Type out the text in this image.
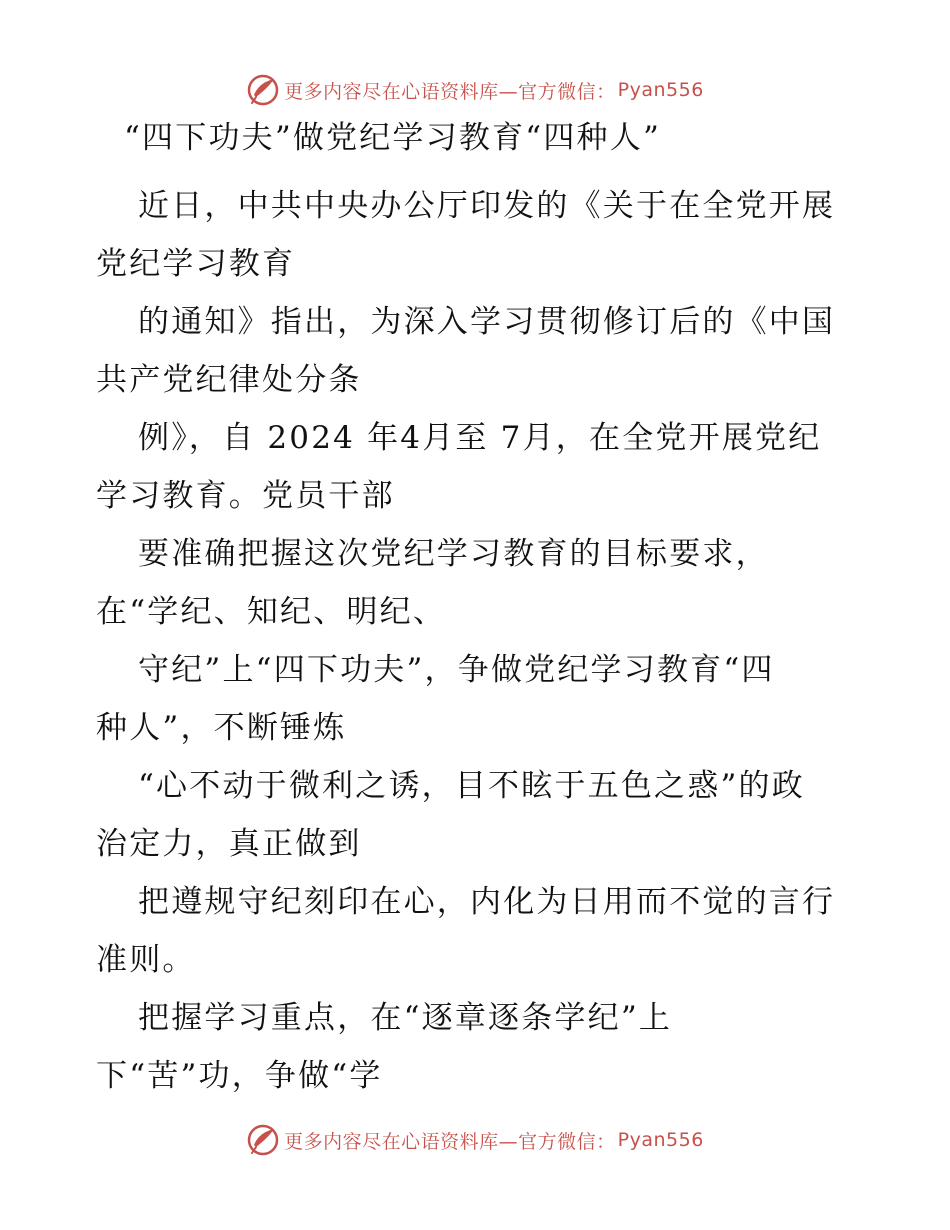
更多内容尽在心语资料库—官方微信： Pyan556
“四下功夫”做党纪学习教育“四种人”
近日，中共中央办公厅印发的《关于在全党开展
党纪学习教育
的通知》指出，为深入学习贯彻修订后的《中国
共产党纪律处分条
例》，自 2024 年4月至 7月，在全党开展党纪
学习教育。党员干部
要准确把握这次党纪学习教育的目标要求，
在“学纪、知纪、明纪、
守纪”上“四下功夫”，争做党纪学习教育“四
种人”，不断锤炼
“心不动于微利之诱，目不眩于五色之惑”的政
治定力，真正做到
把遵规守纪刻印在心，内化为日用而不觉的言行
准则。
把握学习重点，在“逐章逐条学纪”上
下“苦”功，争做“学
更多内容尽在心语资料库—官方微信： Pyan556
